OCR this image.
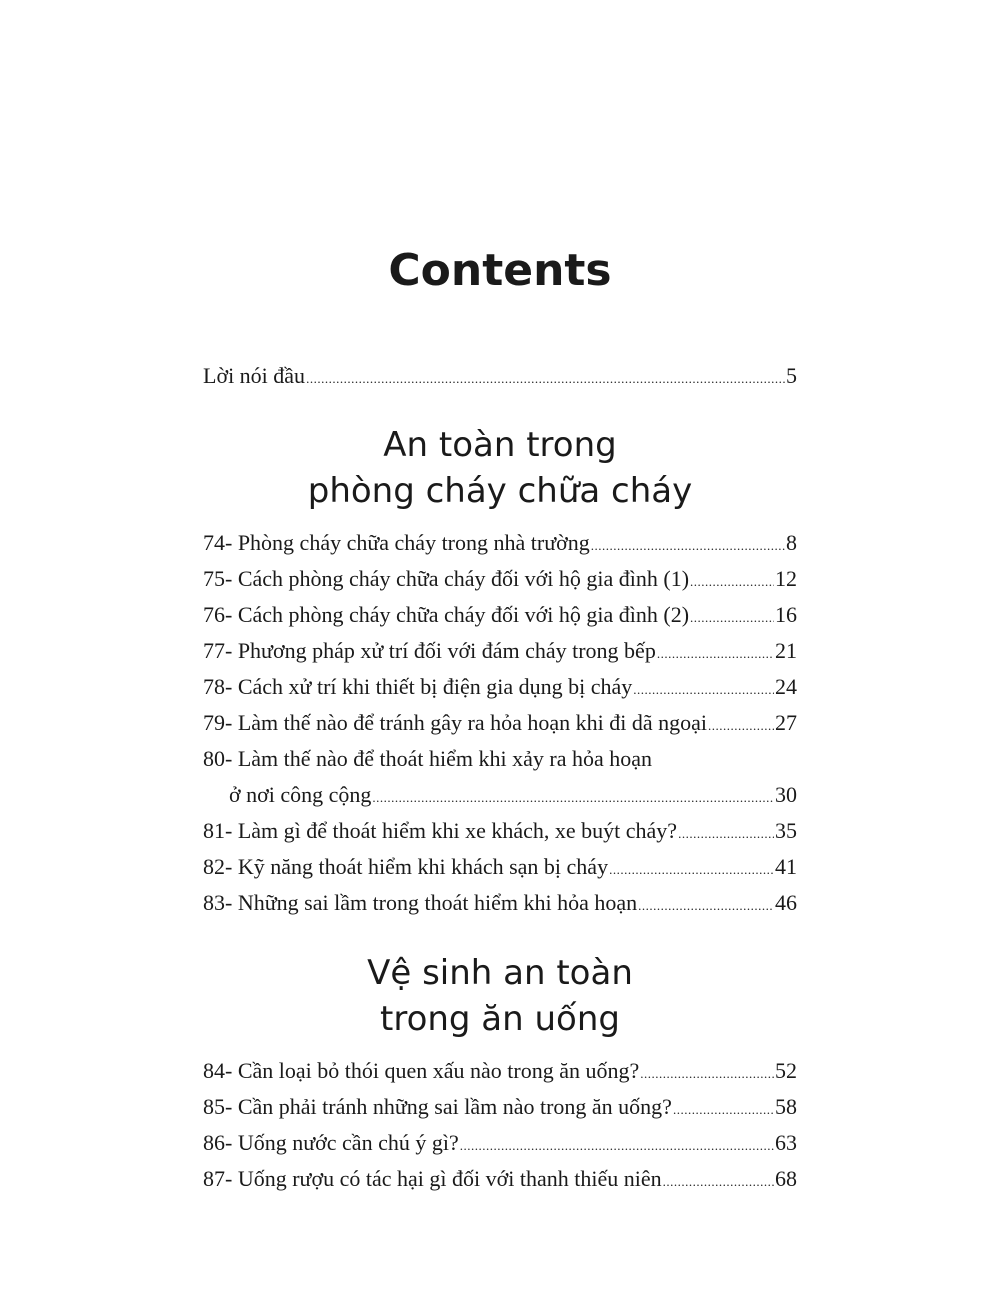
Contents
Lời nói đầu .....	5
An toàn trong
phòng cháy chữa cháy
Vệ sinh an toàn
trong ăn uống
74- Phòng cháy chữa cháy trong nhà trường .....	8
75- Cách phòng cháy chữa cháy đối với hộ gia đình (1) .....	12
76- Cách phòng cháy chữa cháy đối với hộ gia đình (2) .....	16
77- Phương pháp xử trí đối với đám cháy trong bếp .....	21
78- Cách xử trí khi thiết bị điện gia dụng bị cháy .....	24
79- Làm thế nào để tránh gây ra hỏa hoạn khi đi dã ngoại .....	27
80- Làm thế nào để thoát hiểm khi xảy ra hỏa hoạn
ở nơi công cộng .....	30
81- Làm gì để thoát hiểm khi xe khách, xe buýt cháy? .....	35
82- Kỹ năng thoát hiểm khi khách sạn bị cháy .....	41
83- Những sai lầm trong thoát hiểm khi hỏa hoạn .....	46
84- Cần loại bỏ thói quen xấu nào trong ăn uống? .....	52
85- Cần phải tránh những sai lầm nào trong ăn uống? .....	58
86- Uống nước cần chú ý gì? .....	63
87- Uống rượu có tác hại gì đối với thanh thiếu niên .....	68
